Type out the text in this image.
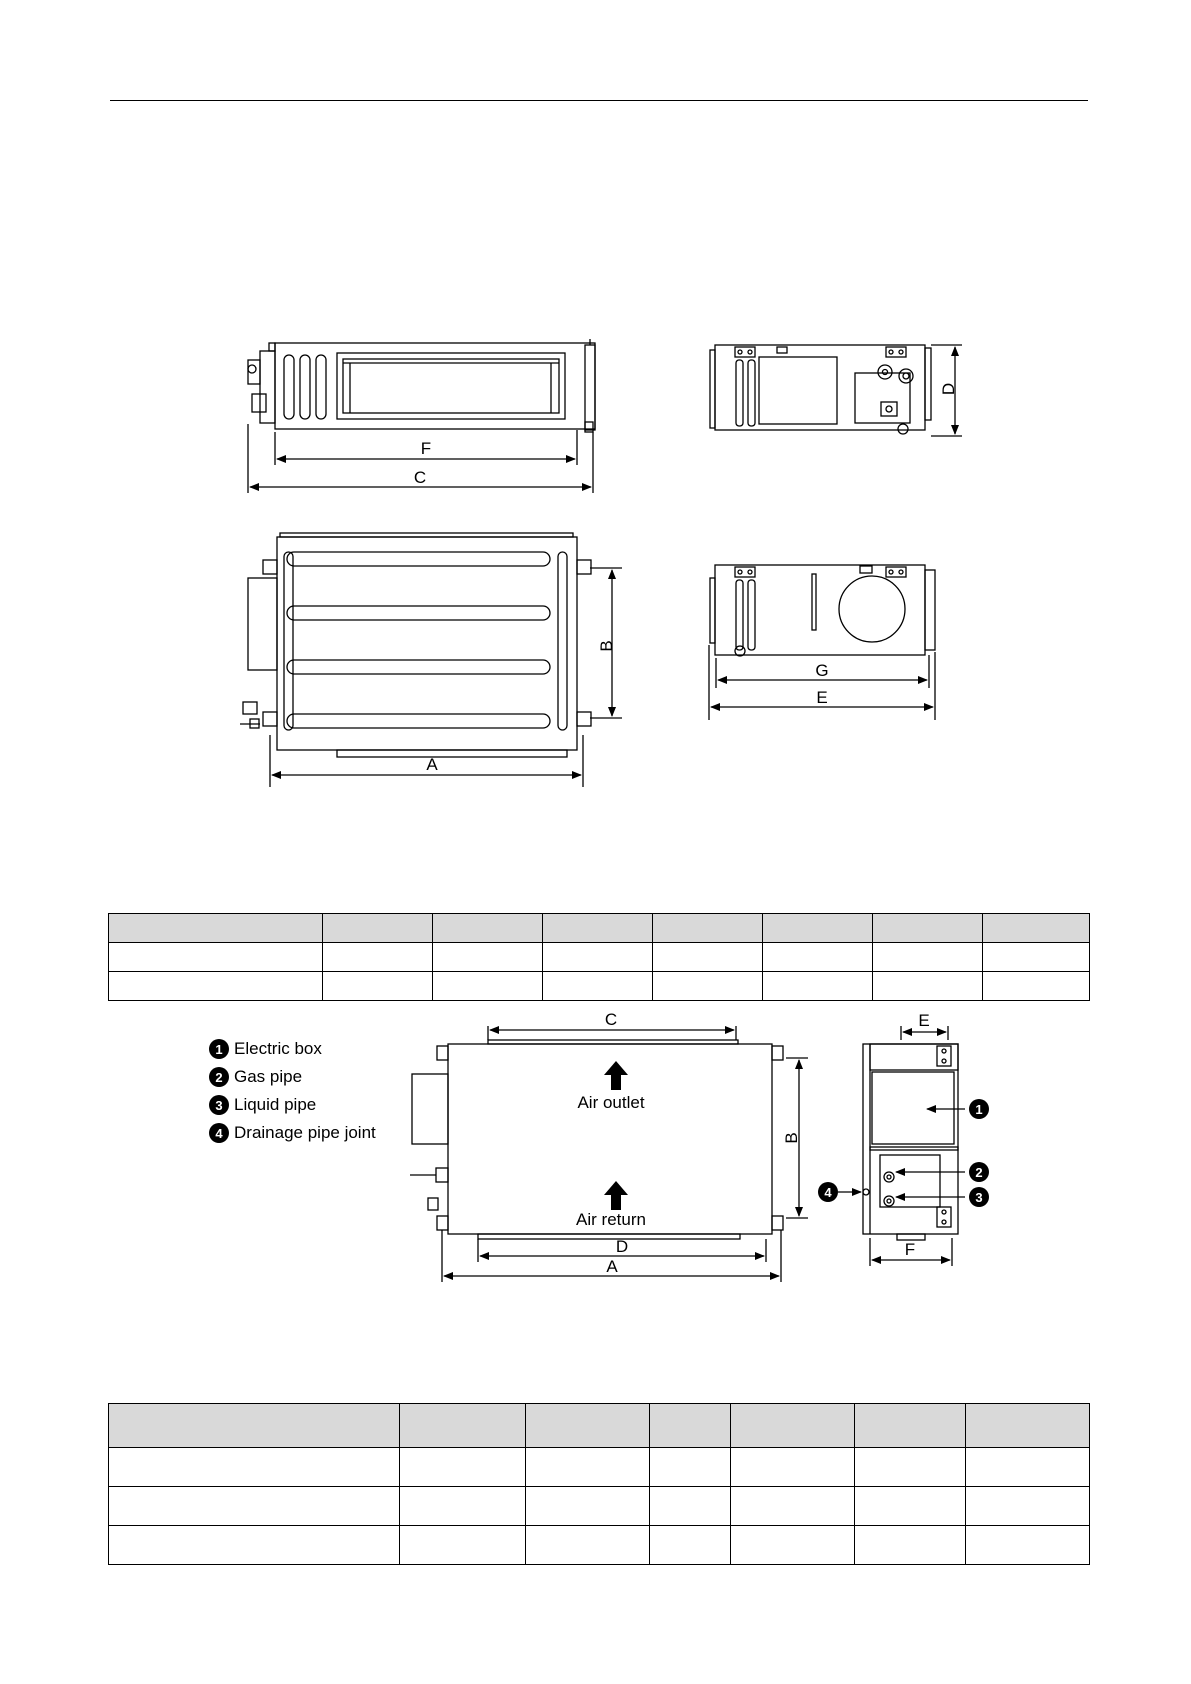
F
C
D
B
A
G
E

1
2
3
4
C
Air outlet
Air return
B
D
A
E
F
1 Electric box
2 Gas pipe
3 Liquid pipe
4 Drainage pipe joint
